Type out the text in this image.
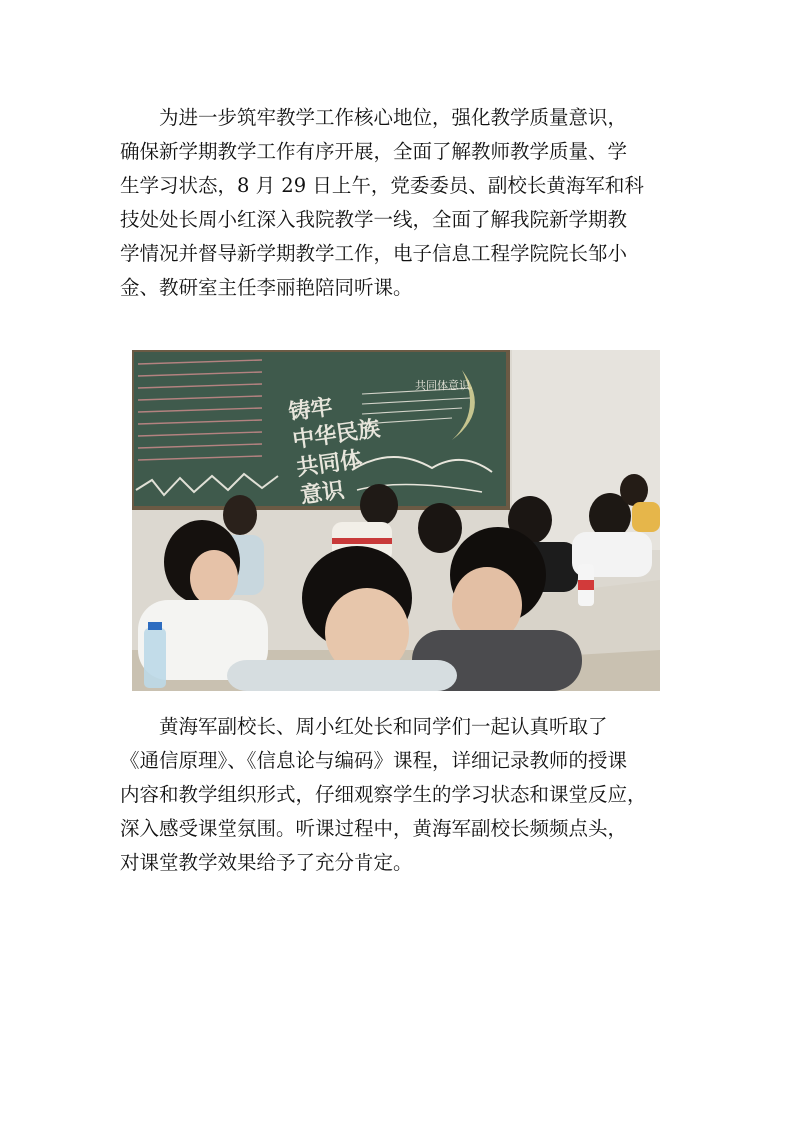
　　为进一步筑牢教学工作核心地位，强化教学质量意识，
确保新学期教学工作有序开展，全面了解教师教学质量、学
生学习状态，8 月 29 日上午，党委委员、副校长黄海军和科
技处处长周小红深入我院教学一线，全面了解我院新学期教
学情况并督导新学期教学工作，电子信息工程学院院长邹小
金、教研室主任李丽艳陪同听课。

铸牢
中华民族
共同体
意识
共同体意识

　　黄海军副校长、周小红处长和同学们一起认真听取了
《通信原理》、《信息论与编码》课程，详细记录教师的授课
内容和教学组织形式，仔细观察学生的学习状态和课堂反应，
深入感受课堂氛围。听课过程中，黄海军副校长频频点头，
对课堂教学效果给予了充分肯定。
